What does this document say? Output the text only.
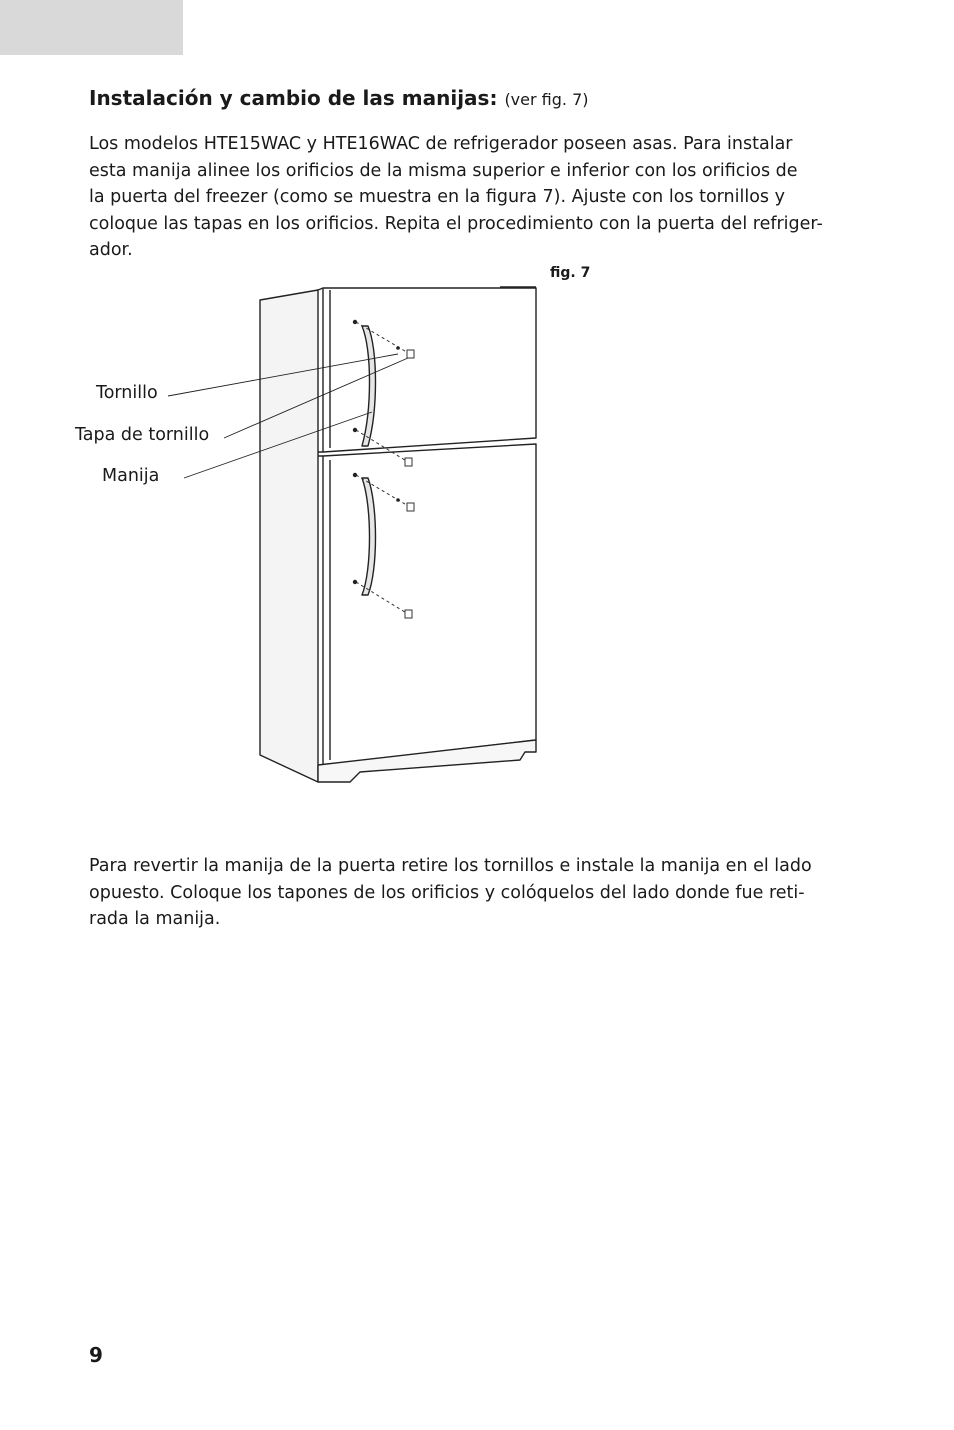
Instalación y cambio de las manijas: (ver fig. 7)
Los modelos HTE15WAC y HTE16WAC de refrigerador poseen asas. Para instalar
esta manija alinee los orificios de la misma superior e inferior con los orificios de
la puerta del freezer (como se muestra en la figura 7). Ajuste con los tornillos y
coloque las tapas en los orificios. Repita el procedimiento con la puerta del refriger-
ador.
fig. 7
Tornillo
Tapa de tornillo
Manija
Para revertir la manija de la puerta retire los tornillos e instale la manija en el lado
opuesto. Coloque los tapones de los orificios y colóquelos del lado donde fue reti-
rada la manija.
9
